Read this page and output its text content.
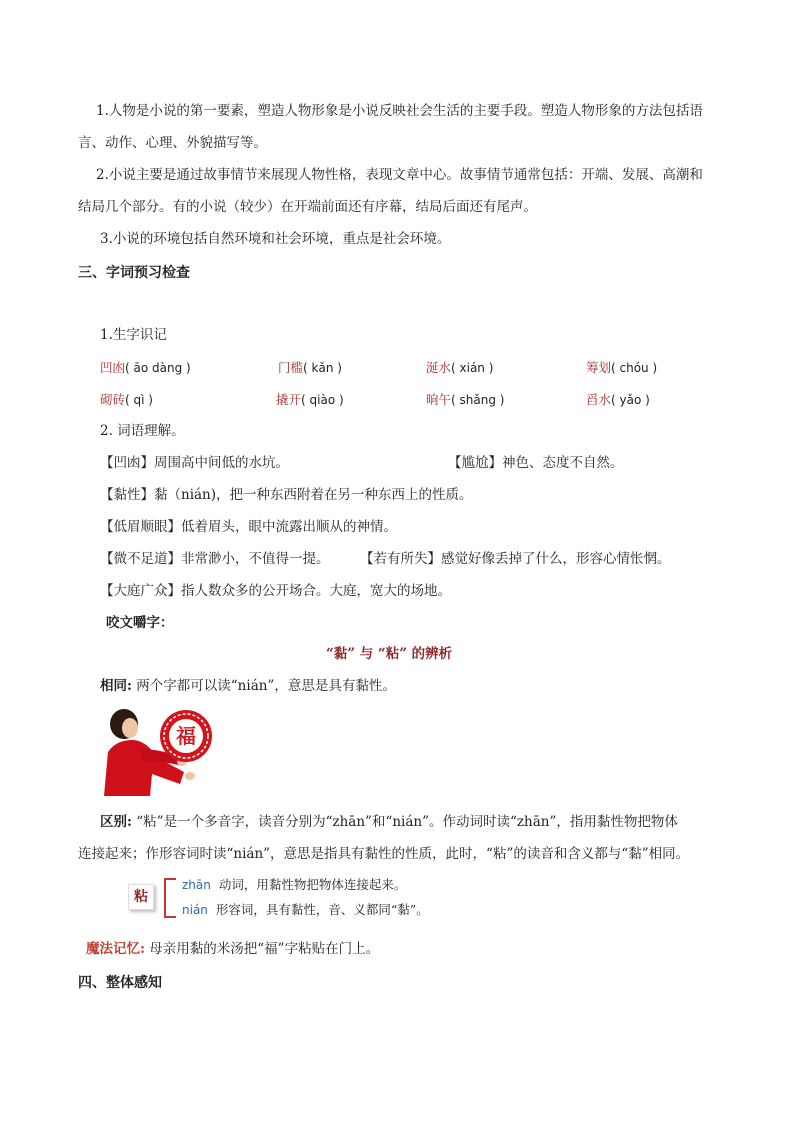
1.人物是小说的第一要素，塑造人物形象是小说反映社会生活的主要手段。塑造人物形象的方法包括语
言、动作、心理、外貌描写等。
2.小说主要是通过故事情节来展现人物性格，表现文章中心。故事情节通常包括：开端、发展、高潮和
结局几个部分。有的小说（较少）在开端前面还有序幕，结局后面还有尾声。
3.小说的环境包括自然环境和社会环境，重点是社会环境。
三、字词预习检查
1.生字识记
凹凼( āo dàng )	门槛( kǎn )	涎水( xián )	筹划( chóu )
砌砖( qì )	撬开( qiào )	晌午( shǎng )	舀水( yǎo )
2. 词语理解。
【凹凼】周围高中间低的水坑。	【尴尬】神色、态度不自然。
【黏性】黏（nián)，把一种东西附着在另一种东西上的性质。
【低眉顺眼】低着眉头，眼中流露出顺从的神情。
【微不足道】非常渺小，不值得一提。 【若有所失】感觉好像丢掉了什么，形容心情怅惘。
【大庭广众】指人数众多的公开场合。大庭，宽大的场地。
咬文嚼字：
“黏” 与 “粘” 的辨析
相同: 两个字都可以读“nián”，意思是具有黏性。
福
区别: “粘”是一个多音字，读音分别为“zhān”和“nián”。作动词时读“zhān”，指用黏性物把物体
连接起来；作形容词时读“nián”，意思是指具有黏性的性质，此时，“粘”的读音和含义都与“黏”相同。
粘
zhān 动词，用黏性物把物体连接起来。
nián 形容词，具有黏性，音、义都同“黏”。
魔法记忆: 母亲用黏的米汤把“福”字粘贴在门上。
四、整体感知
